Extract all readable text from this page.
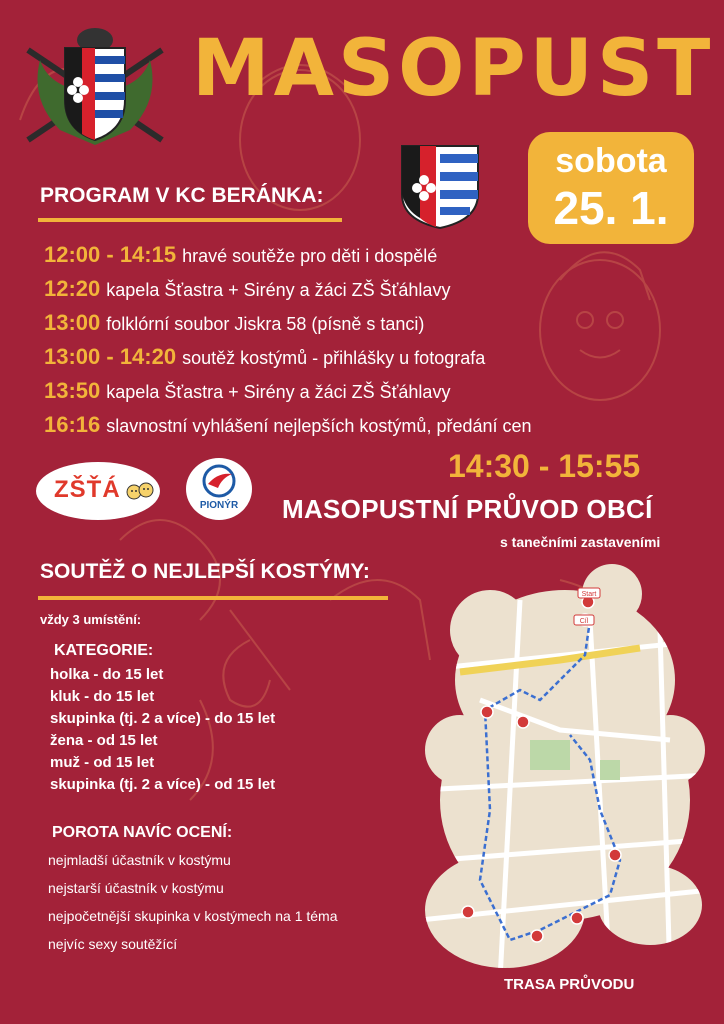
MASOPUST
sobota
25. 1.
PROGRAM V KC BERÁNKA:
12:00 - 14:15 hravé soutěže pro děti i dospělé
12:20 kapela Šťastra + Sirény a žáci ZŠ Šťáhlavy
13:00 folklórní soubor Jiskra 58 (písně s tanci)
13:00 - 14:20 soutěž kostýmů - přihlášky u fotografa
13:50 kapela Šťastra + Sirény a žáci ZŠ Šťáhlavy
16:16 slavnostní vyhlášení nejlepších kostýmů, předání cen
ZŠŤÁ
PIONÝR
14:30 - 15:55
MASOPUSTNÍ PRŮVOD OBCÍ
s tanečními zastaveními
SOUTĚŽ O NEJLEPŠÍ KOSTÝMY:
vždy 3 umístění:
KATEGORIE:
holka - do 15 let
kluk - do 15 let
skupinka (tj. 2 a více) - do 15 let
žena - od 15 let
muž - od 15 let
skupinka (tj. 2 a více) - od 15 let
POROTA NAVÍC OCENÍ:
nejmladší účastník v kostýmu
nejstarší účastník v kostýmu
nejpočetnější skupinka v kostýmech na 1 téma
nejvíc sexy soutěžící
Start
Cíl
TRASA PRŮVODU
